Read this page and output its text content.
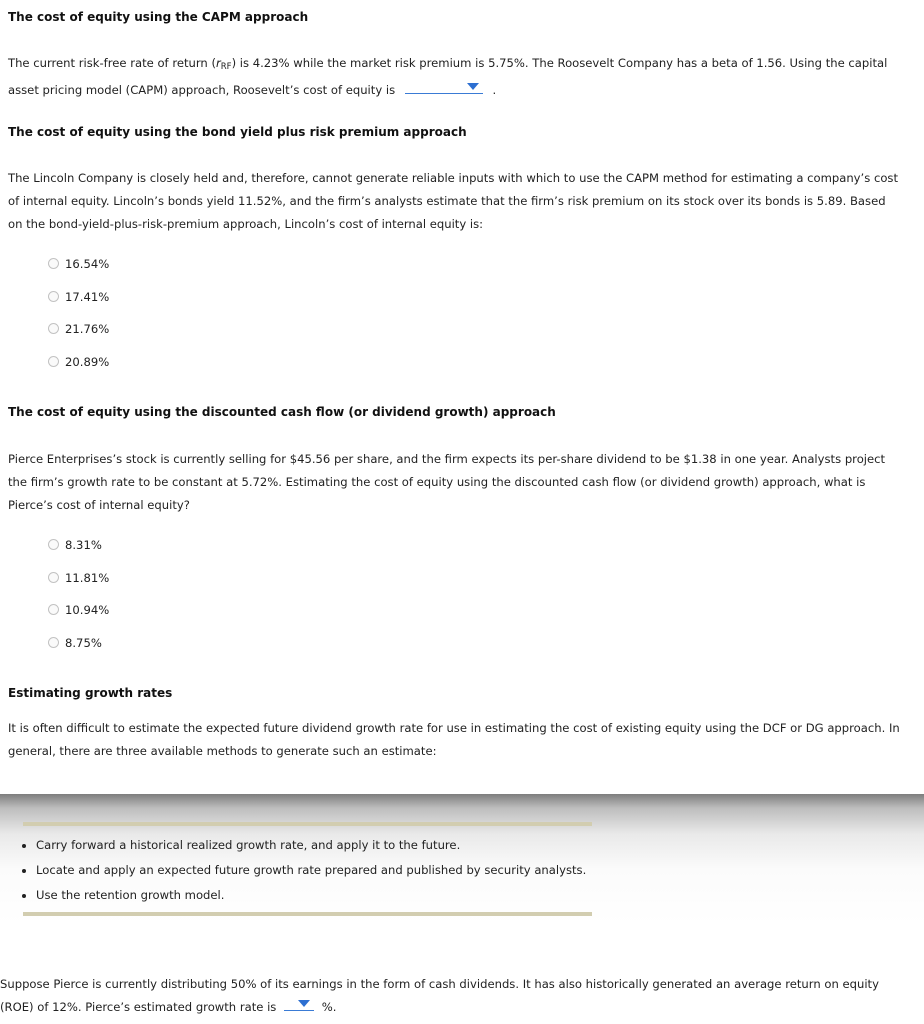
The cost of equity using the CAPM approach

The current risk-free rate of return $(r_{RF})$ is 4.23% while the market risk premium is 5.75%. The Roosevelt Company has a beta of 1.56. Using the capital asset pricing model (CAPM) approach, Roosevelt’s cost of equity is	.

The cost of equity using the bond yield plus risk premium approach

The Lincoln Company is closely held and, therefore, cannot generate reliable inputs with which to use the CAPM method for estimating a company’s cost of internal equity. Lincoln’s bonds yield 11.52%, and the firm’s analysts estimate that the firm’s risk premium on its stock over its bonds is 5.89. Based on the bond-yield-plus-risk-premium approach, Lincoln’s cost of internal equity is:

16.54%
17.41%
21.76%
20.89%

The cost of equity using the discounted cash flow (or dividend growth) approach

Pierce Enterprises’s stock is currently selling for $45.56 per share, and the firm expects its per-share dividend to be $1.38 in one year. Analysts project the firm’s growth rate to be constant at 5.72%. Estimating the cost of equity using the discounted cash flow (or dividend growth) approach, what is Pierce’s cost of internal equity?

8.31%
11.81%
10.94%
8.75%

Estimating growth rates

It is often difficult to estimate the expected future dividend growth rate for use in estimating the cost of existing equity using the DCF or DG approach. In general, there are three available methods to generate such an estimate:

• Carry forward a historical realized growth rate, and apply it to the future.
• Locate and apply an expected future growth rate prepared and published by security analysts.
• Use the retention growth model.

Suppose Pierce is currently distributing 50% of its earnings in the form of cash dividends. It has also historically generated an average return on equity (ROE) of 12%. Pierce’s estimated growth rate is	%.
